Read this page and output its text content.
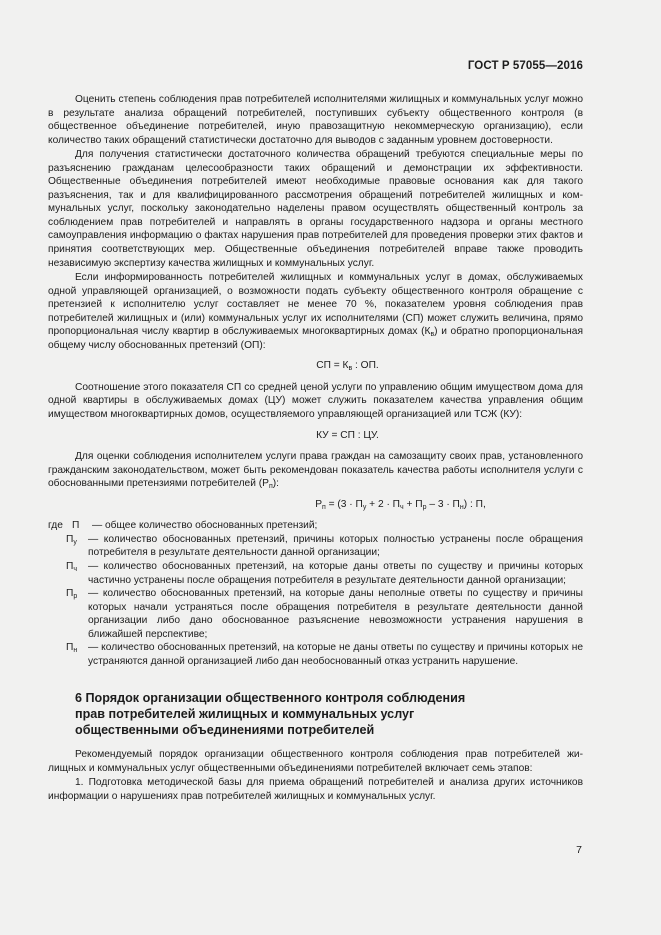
ГОСТ Р 57055—2016

Оценить степень соблюдения прав потребителей исполнителями жилищных и коммунальных услуг можно в результате анализа обращений потребителей, поступивших субъекту общественного контроля (в общественное объединение потребителей, иную правозащитную некоммерческую организацию), если количество таких обращений статистически достаточно для выводов с заданным уровнем достоверности.

Для получения статистически достаточного количества обращений требуются специальные меры по разъяснению гражданам целесообразности таких обращений и демонстрации их эффективности. Общественные объединения потребителей имеют необходимые правовые основания как для такого разъяснения, так и для квалифицированного рассмотрения обращений потребителей жилищных и коммунальных услуг, поскольку законодательно наделены правом осуществлять общественный контроль за соблюдением прав потребителей и направлять в органы государственного надзора и органы местного самоуправления информацию о фактах нарушения прав потребителей для проведения проверки этих фактов и принятия соответствующих мер. Общественные объединения потребителей вправе также проводить независимую экспертизу качества жилищных и коммунальных услуг.

Если информированность потребителей жилищных и коммунальных услуг в домах, обслуживаемых одной управляющей организацией, о возможности подать субъекту общественного контроля обращение с претензией к исполнителю услуг составляет не менее 70 %, показателем уровня соблюдения прав потребителей жилищных и (или) коммунальных услуг их исполнителями (СП) может служить величина, прямо пропорциональная числу квартир в обслуживаемых многоквартирных домах $(К_в)$ и обратно пропорциональная общему числу обоснованных претензий (ОП):

СП = $К_в$ : ОП.

Соотношение этого показателя СП со средней ценой услуги по управлению общим имуществом дома для одной квартиры в обслуживаемых домах (ЦУ) может служить показателем качества управления общим имуществом многоквартирных домов, осуществляемого управляющей организацией или ТСЖ (КУ):

КУ = СП : ЦУ.

Для оценки соблюдения исполнителем услуги права граждан на самозащиту своих прав, установленного гражданским законодательством, может быть рекомендован показатель качества работы исполнителя услуги с обоснованными претензиями потребителей $(Р_п)$:

$Р_п = (3 \cdot П_у + 2 \cdot П_ч + П_р - 3 \cdot П_н)$ : П,
где П	— общее количество обоснованных претензий;
$П_у$	— количество обоснованных претензий, причины которых полностью устранены после обращения потребителя в результате деятельности данной организации;
$П_ч$	— количество обоснованных претензий, на которые даны ответы по существу и причины которых частично устранены после обращения потребителя в результате деятельности данной организации;
$П_р$	— количество обоснованных претензий, на которые даны неполные ответы по существу и причины которых начали устраняться после обращения потребителя в результате деятельности данной организации либо дано обоснованное разъяснение невозможности устранения нарушения в ближайшей перспективе;
$П_н$	— количество обоснованных претензий, на которые не даны ответы по существу и причины которых не устраняются данной организацией либо дан необоснованный отказ устранить нарушение.
6 Порядок организации общественного контроля соблюдения
прав потребителей жилищных и коммунальных услуг
общественными объединениями потребителей

Рекомендуемый порядок организации общественного контроля соблюдения прав потребителей жилищных и коммунальных услуг общественными объединениями потребителей включает семь этапов:

1. Подготовка методической базы для приема обращений потребителей и анализа других источников информации о нарушениях прав потребителей жилищных и коммунальных услуг.

7
